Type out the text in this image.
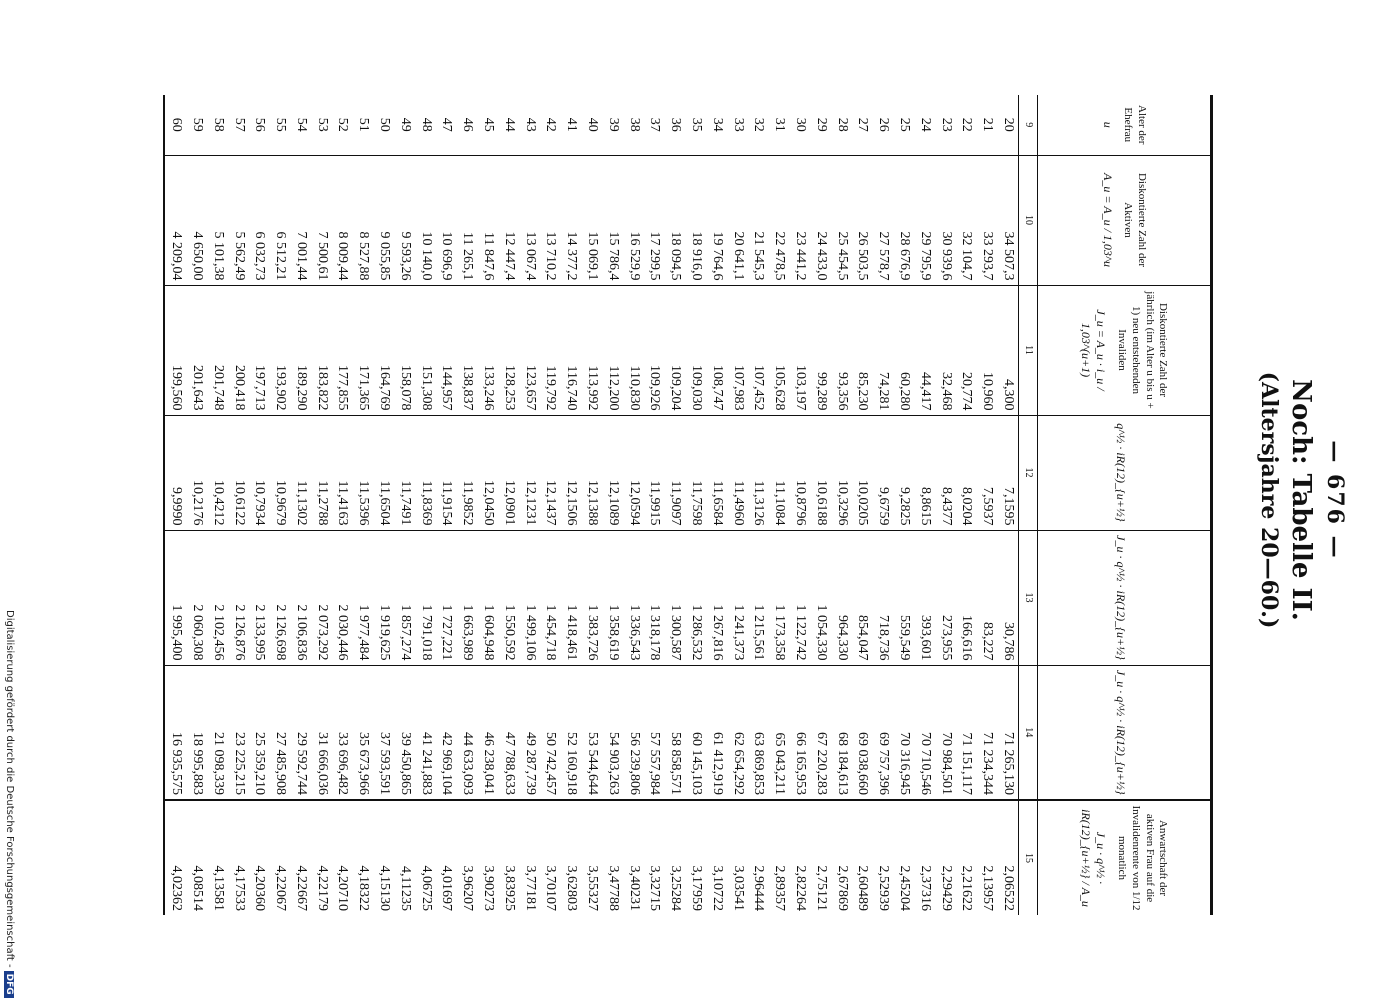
— 676 —
Noch: Tabelle II.
(Altersjahre 20—60.)
Alter der Ehefrau
u	Diskontierte Zahl der Aktiven
A_u = A_u / 1,03^u	Diskontierte Zahl der jährlich (im Alter u bis u + 1) neu entstehenden Invaliden
J_u = A_u · i_u / 1,03^(u+1)	q^½ · iR(12)_{u+½}	J_u · q^½ · iR(12)_{u+½}	J_u · q^½ · iR(12)_{u+½}	Anwartschaft der aktiven Frau auf die Invalidenrente von 1/12 monatlich
J_u · q^½ · iR(12)_{u+½} / A_u

9	10	11	12	13	14	15
20	34 507,3	4,300	7,1595	30,786	71 265,130	2,06522
21	33 293,7	10,960	7,5937	83,227	71 234,344	2,13957
22	32 104,7	20,774	8,0204	166,616	71 151,117	2,21622
23	30 939,6	32,468	8,4377	273,955	70 984,501	2,29429
24	29 795,9	44,417	8,8615	393,601	70 710,546	2,37316
25	28 676,9	60,280	9,2825	559,549	70 316,945	2,45204
26	27 578,7	74,281	9,6759	718,736	69 757,396	2,52939
27	26 503,5	85,230	10,0205	854,047	69 038,660	2,60489
28	25 454,5	93,356	10,3296	964,330	68 184,613	2,67869
29	24 433,0	99,289	10,6188	1 054,330	67 220,283	2,75121
30	23 441,2	103,197	10,8796	1 122,742	66 165,953	2,82264
31	22 478,5	105,628	11,1084	1 173,358	65 043,211	2,89357
32	21 545,3	107,452	11,3126	1 215,561	63 869,853	2,96444
33	20 641,1	107,983	11,4960	1 241,373	62 654,292	3,03541
34	19 764,6	108,747	11,6584	1 267,816	61 412,919	3,10722
35	18 916,0	109,030	11,7598	1 286,532	60 145,103	3,17959
36	18 094,5	109,204	11,9097	1 300,587	58 858,571	3,25284
37	17 299,5	109,926	11,9915	1 318,178	57 557,984	3,32715
38	16 529,9	110,830	12,0594	1 336,543	56 239,806	3,40231
39	15 786,4	112,200	12,1089	1 358,619	54 903,263	3,47788
40	15 069,1	113,992	12,1388	1 383,726	53 544,644	3,55327
41	14 377,2	116,740	12,1506	1 418,461	52 160,918	3,62803
42	13 710,2	119,792	12,1437	1 454,718	50 742,457	3,70107
43	13 067,4	123,657	12,1231	1 499,106	49 287,739	3,77181
44	12 447,4	128,253	12,0901	1 550,592	47 788,633	3,83925
45	11 847,6	133,246	12,0450	1 604,948	46 238,041	3,90273
46	11 265,1	138,837	11,9852	1 663,989	44 633,093	3,96207
47	10 696,9	144,957	11,9154	1 727,221	42 969,104	4,01697
48	10 140,0	151,308	11,8369	1 791,018	41 241,883	4,06725
49	9 593,26	158,078	11,7491	1 857,274	39 450,865	4,11235
50	9 055,85	164,769	11,6504	1 919,625	37 593,591	4,15130
51	8 527,88	171,365	11,5396	1 977,484	35 673,966	4,18322
52	8 009,44	177,855	11,4163	2 030,446	33 696,482	4,20710
53	7 500,61	183,822	11,2788	2 073,292	31 666,036	4,22179
54	7 001,44	189,290	11,1302	2 106,836	29 592,744	4,22667
55	6 512,21	193,902	10,9679	2 126,698	27 485,908	4,22067
56	6 032,73	197,713	10,7934	2 133,995	25 359,210	4,20360
57	5 562,49	200,418	10,6122	2 126,876	23 225,215	4,17533
58	5 101,38	201,748	10,4212	2 102,456	21 098,339	4,13581
59	4 650,00	201,643	10,2176	2 060,308	18 995,883	4,08514
60	4 209,04	199,560	9,9990	1 995,400	16 935,575	4,02362
Digitalisierung gefördert durch die Deutsche Forschungsgemeinschaft -DFG
